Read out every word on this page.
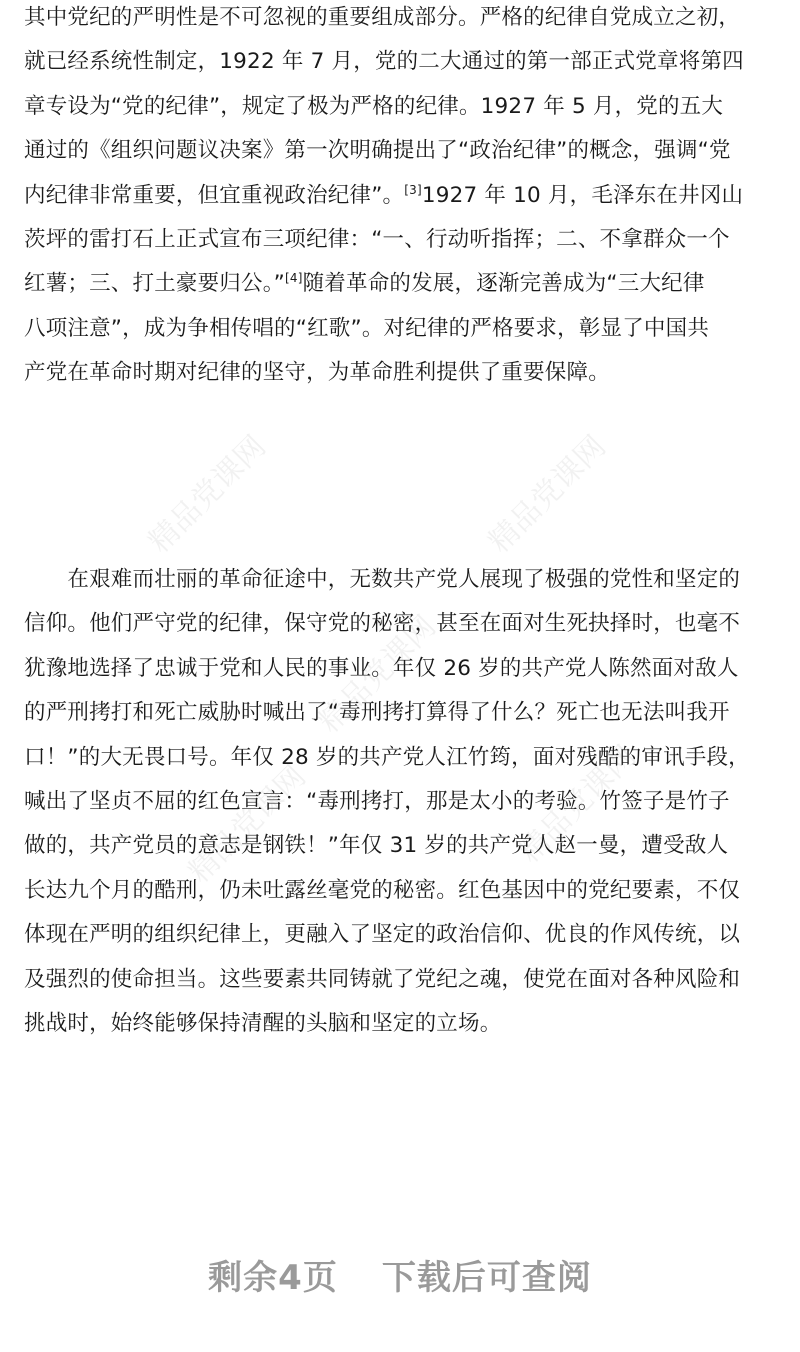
精品党课网	精品党课网
精品党课网
精品党课网	精品党课网
其中党纪的严明性是不可忽视的重要组成部分。严格的纪律自党成立之初，
就已经系统性制定，1922 年 7 月，党的二大通过的第一部正式党章将第四
章专设为“党的纪律”，规定了极为严格的纪律。1927 年 5 月，党的五大
通过的《组织问题议决案》第一次明确提出了“政治纪律”的概念，强调“党
内纪律非常重要，但宜重视政治纪律”。[3]1927 年 10 月，毛泽东在井冈山
茨坪的雷打石上正式宣布三项纪律：“一、行动听指挥；二、不拿群众一个
红薯；三、打土豪要归公。”[4]随着革命的发展，逐渐完善成为“三大纪律
八项注意”，成为争相传唱的“红歌”。对纪律的严格要求，彰显了中国共
产党在革命时期对纪律的坚守，为革命胜利提供了重要保障。
　　在艰难而壮丽的革命征途中，无数共产党人展现了极强的党性和坚定的
信仰。他们严守党的纪律，保守党的秘密，甚至在面对生死抉择时，也毫不
犹豫地选择了忠诚于党和人民的事业。年仅 26 岁的共产党人陈然面对敌人
的严刑拷打和死亡威胁时喊出了“毒刑拷打算得了什么？死亡也无法叫我开
口！”的大无畏口号。年仅 28 岁的共产党人江竹筠，面对残酷的审讯手段，
喊出了坚贞不屈的红色宣言：“毒刑拷打，那是太小的考验。竹签子是竹子
做的，共产党员的意志是钢铁！”年仅 31 岁的共产党人赵一曼，遭受敌人
长达九个月的酷刑，仍未吐露丝毫党的秘密。红色基因中的党纪要素，不仅
体现在严明的组织纪律上，更融入了坚定的政治信仰、优良的作风传统，以
及强烈的使命担当。这些要素共同铸就了党纪之魂，使党在面对各种风险和
挑战时，始终能够保持清醒的头脑和坚定的立场。
剩余4页 下载后可查阅
